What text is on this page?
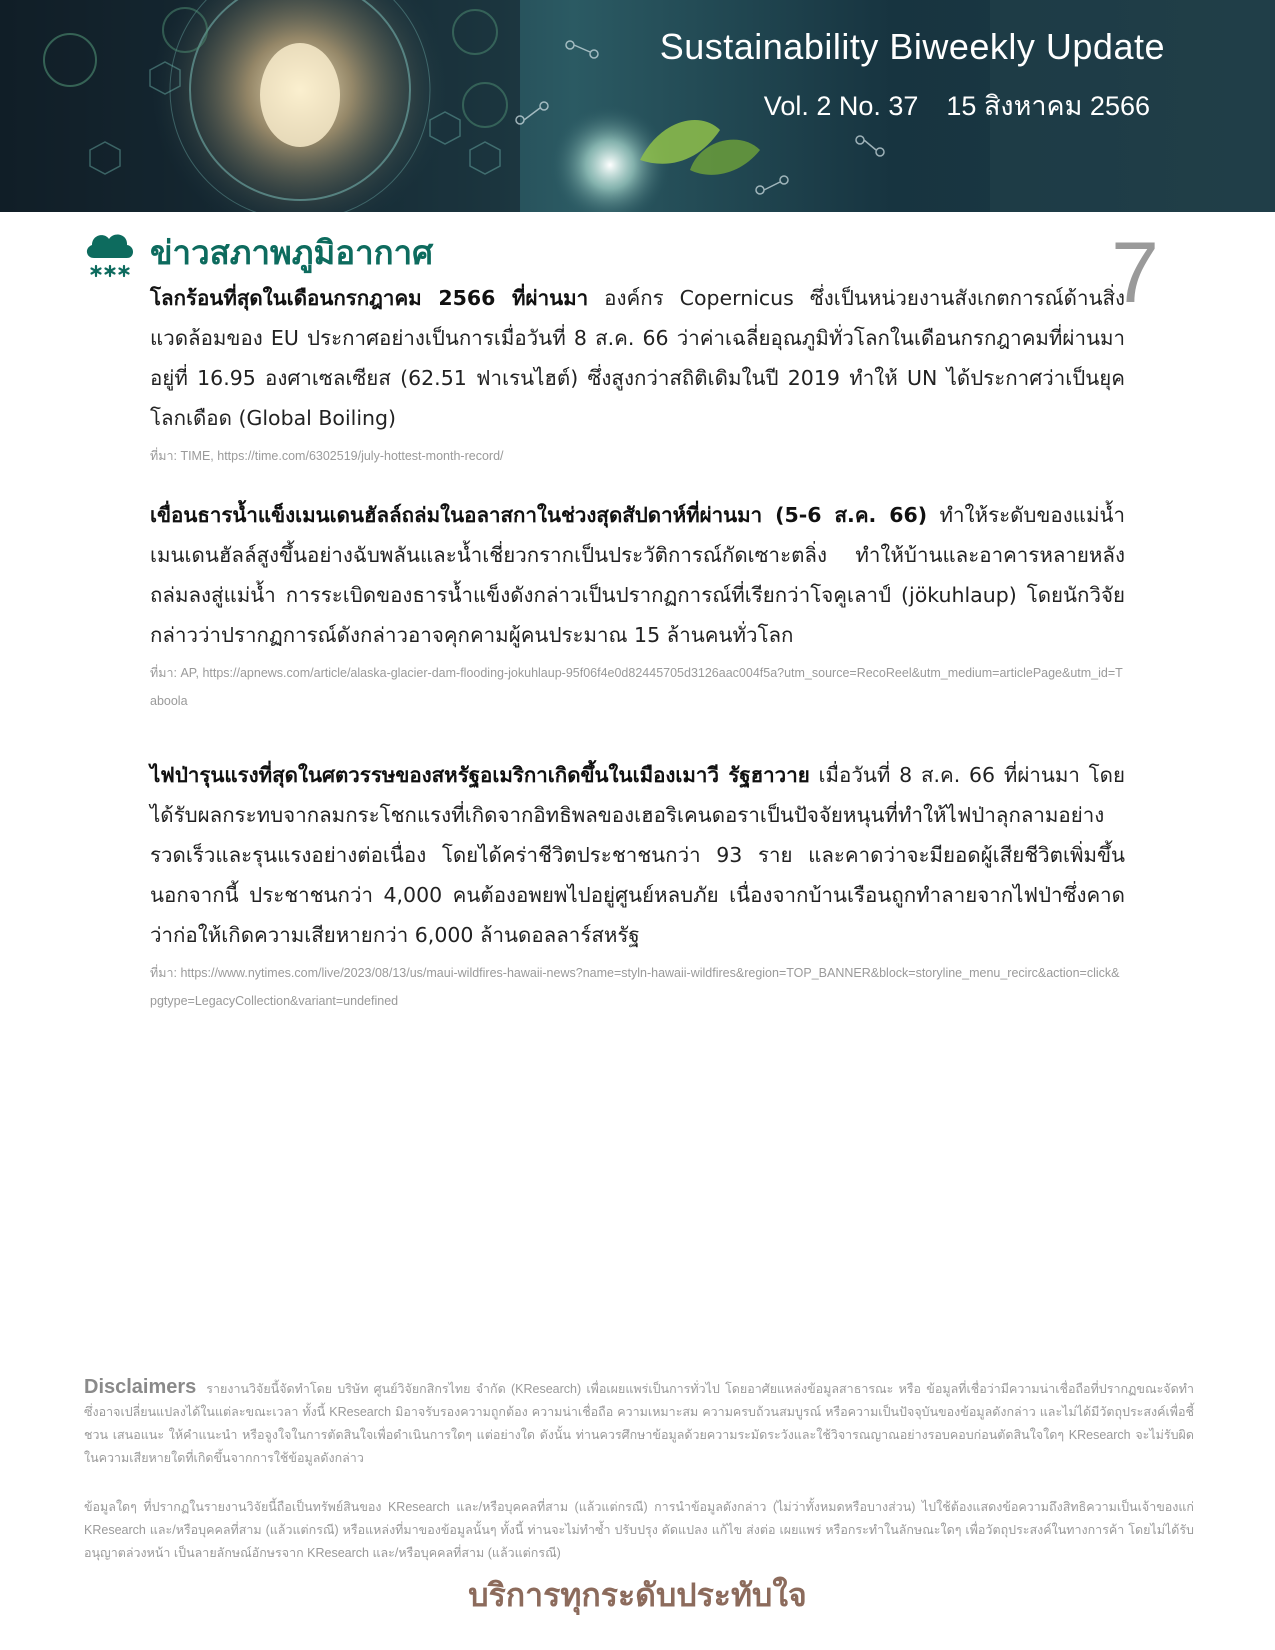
Sustainability Biweekly Update
Vol. 2 No. 37 15 สิงหาคม 2566
7
ข่าวสภาพภูมิอากาศ

โลกร้อนที่สุดในเดือนกรกฎาคม 2566 ที่ผ่านมา องค์กร Copernicus ซึ่งเป็นหน่วยงานสังเกตการณ์ด้านสิ่งแวดล้อมของ EU ประกาศอย่างเป็นการเมื่อวันที่ 8 ส.ค. 66 ว่าค่าเฉลี่ยอุณภูมิทั่วโลกในเดือนกรกฎาคมที่ผ่านมาอยู่ที่ 16.95 องศาเซลเซียส (62.51 ฟาเรนไฮต์) ซึ่งสูงกว่าสถิติเดิมในปี 2019 ทำให้ UN ได้ประกาศว่าเป็นยุคโลกเดือด (Global Boiling)

ที่มา: TIME, https://time.com/6302519/july-hottest-month-record/

เขื่อนธารน้ำแข็งเมนเดนฮัลล์ถล่มในอลาสกาในช่วงสุดสัปดาห์ที่ผ่านมา (5-6 ส.ค. 66) ทำให้ระดับของแม่น้ำเมนเดนฮัลล์สูงขึ้นอย่างฉับพลันและน้ำเชี่ยวกรากเป็นประวัติการณ์กัดเซาะตลิ่ง ทำให้บ้านและอาคารหลายหลังถล่มลงสู่แม่น้ำ การระเบิดของธารน้ำแข็งดังกล่าวเป็นปรากฏการณ์ที่เรียกว่าโจคูเลาป์ (jökuhlaup) โดยนักวิจัยกล่าวว่าปรากฏการณ์ดังกล่าวอาจคุกคามผู้คนประมาณ 15 ล้านคนทั่วโลก

ที่มา: AP, https://apnews.com/article/alaska-glacier-dam-flooding-jokuhlaup-95f06f4e0d82445705d3126aac004f5a?utm_source=RecoReel&utm_medium=articlePage&utm_id=Taboola

ไฟป่ารุนแรงที่สุดในศตวรรษของสหรัฐอเมริกาเกิดขึ้นในเมืองเมาวี รัฐฮาวาย เมื่อวันที่ 8 ส.ค. 66 ที่ผ่านมา โดยได้รับผลกระทบจากลมกระโชกแรงที่เกิดจากอิทธิพลของเฮอริเคนดอราเป็นปัจจัยหนุนที่ทำให้ไฟป่าลุกลามอย่างรวดเร็วและรุนแรงอย่างต่อเนื่อง โดยได้คร่าชีวิตประชาชนกว่า 93 ราย และคาดว่าจะมียอดผู้เสียชีวิตเพิ่มขึ้น นอกจากนี้ ประชาชนกว่า 4,000 คนต้องอพยพไปอยู่ศูนย์หลบภัย เนื่องจากบ้านเรือนถูกทำลายจากไฟป่าซึ่งคาดว่าก่อให้เกิดความเสียหายกว่า 6,000 ล้านดอลลาร์สหรัฐ

ที่มา: https://www.nytimes.com/live/2023/08/13/us/maui-wildfires-hawaii-news?name=styln-hawaii-wildfires&region=TOP_BANNER&block=storyline_menu_recirc&action=click&pgtype=LegacyCollection&variant=undefined
Disclaimers รายงานวิจัยนี้จัดทำโดย บริษัท ศูนย์วิจัยกสิกรไทย จำกัด (KResearch) เพื่อเผยแพร่เป็นการทั่วไป โดยอาศัยแหล่งข้อมูลสาธารณะ หรือ ข้อมูลที่เชื่อว่ามีความน่าเชื่อถือที่ปรากฏขณะจัดทำ ซึ่งอาจเปลี่ยนแปลงได้ในแต่ละขณะเวลา ทั้งนี้ KResearch มิอาจรับรองความถูกต้อง ความน่าเชื่อถือ ความเหมาะสม ความครบถ้วนสมบูรณ์ หรือความเป็นปัจจุบันของข้อมูลดังกล่าว และไม่ได้มีวัตถุประสงค์เพื่อชี้ชวน เสนอแนะ ให้คำแนะนำ หรือจูงใจในการตัดสินใจเพื่อดำเนินการใดๆ แต่อย่างใด ดังนั้น ท่านควรศึกษาข้อมูลด้วยความระมัดระวังและใช้วิจารณญาณอย่างรอบคอบก่อนตัดสินใจใดๆ KResearch จะไม่รับผิดในความเสียหายใดที่เกิดขึ้นจากการใช้ข้อมูลดังกล่าว
ข้อมูลใดๆ ที่ปรากฏในรายงานวิจัยนี้ถือเป็นทรัพย์สินของ KResearch และ/หรือบุคคลที่สาม (แล้วแต่กรณี) การนำข้อมูลดังกล่าว (ไม่ว่าทั้งหมดหรือบางส่วน) ไปใช้ต้องแสดงข้อความถึงสิทธิความเป็นเจ้าของแก่ KResearch และ/หรือบุคคลที่สาม (แล้วแต่กรณี) หรือแหล่งที่มาของข้อมูลนั้นๆ ทั้งนี้ ท่านจะไม่ทำซ้ำ ปรับปรุง ดัดแปลง แก้ไข ส่งต่อ เผยแพร่ หรือกระทำในลักษณะใดๆ เพื่อวัตถุประสงค์ในทางการค้า โดยไม่ได้รับอนุญาตล่วงหน้า เป็นลายลักษณ์อักษรจาก KResearch และ/หรือบุคคลที่สาม (แล้วแต่กรณี)
บริการทุกระดับประทับใจ
